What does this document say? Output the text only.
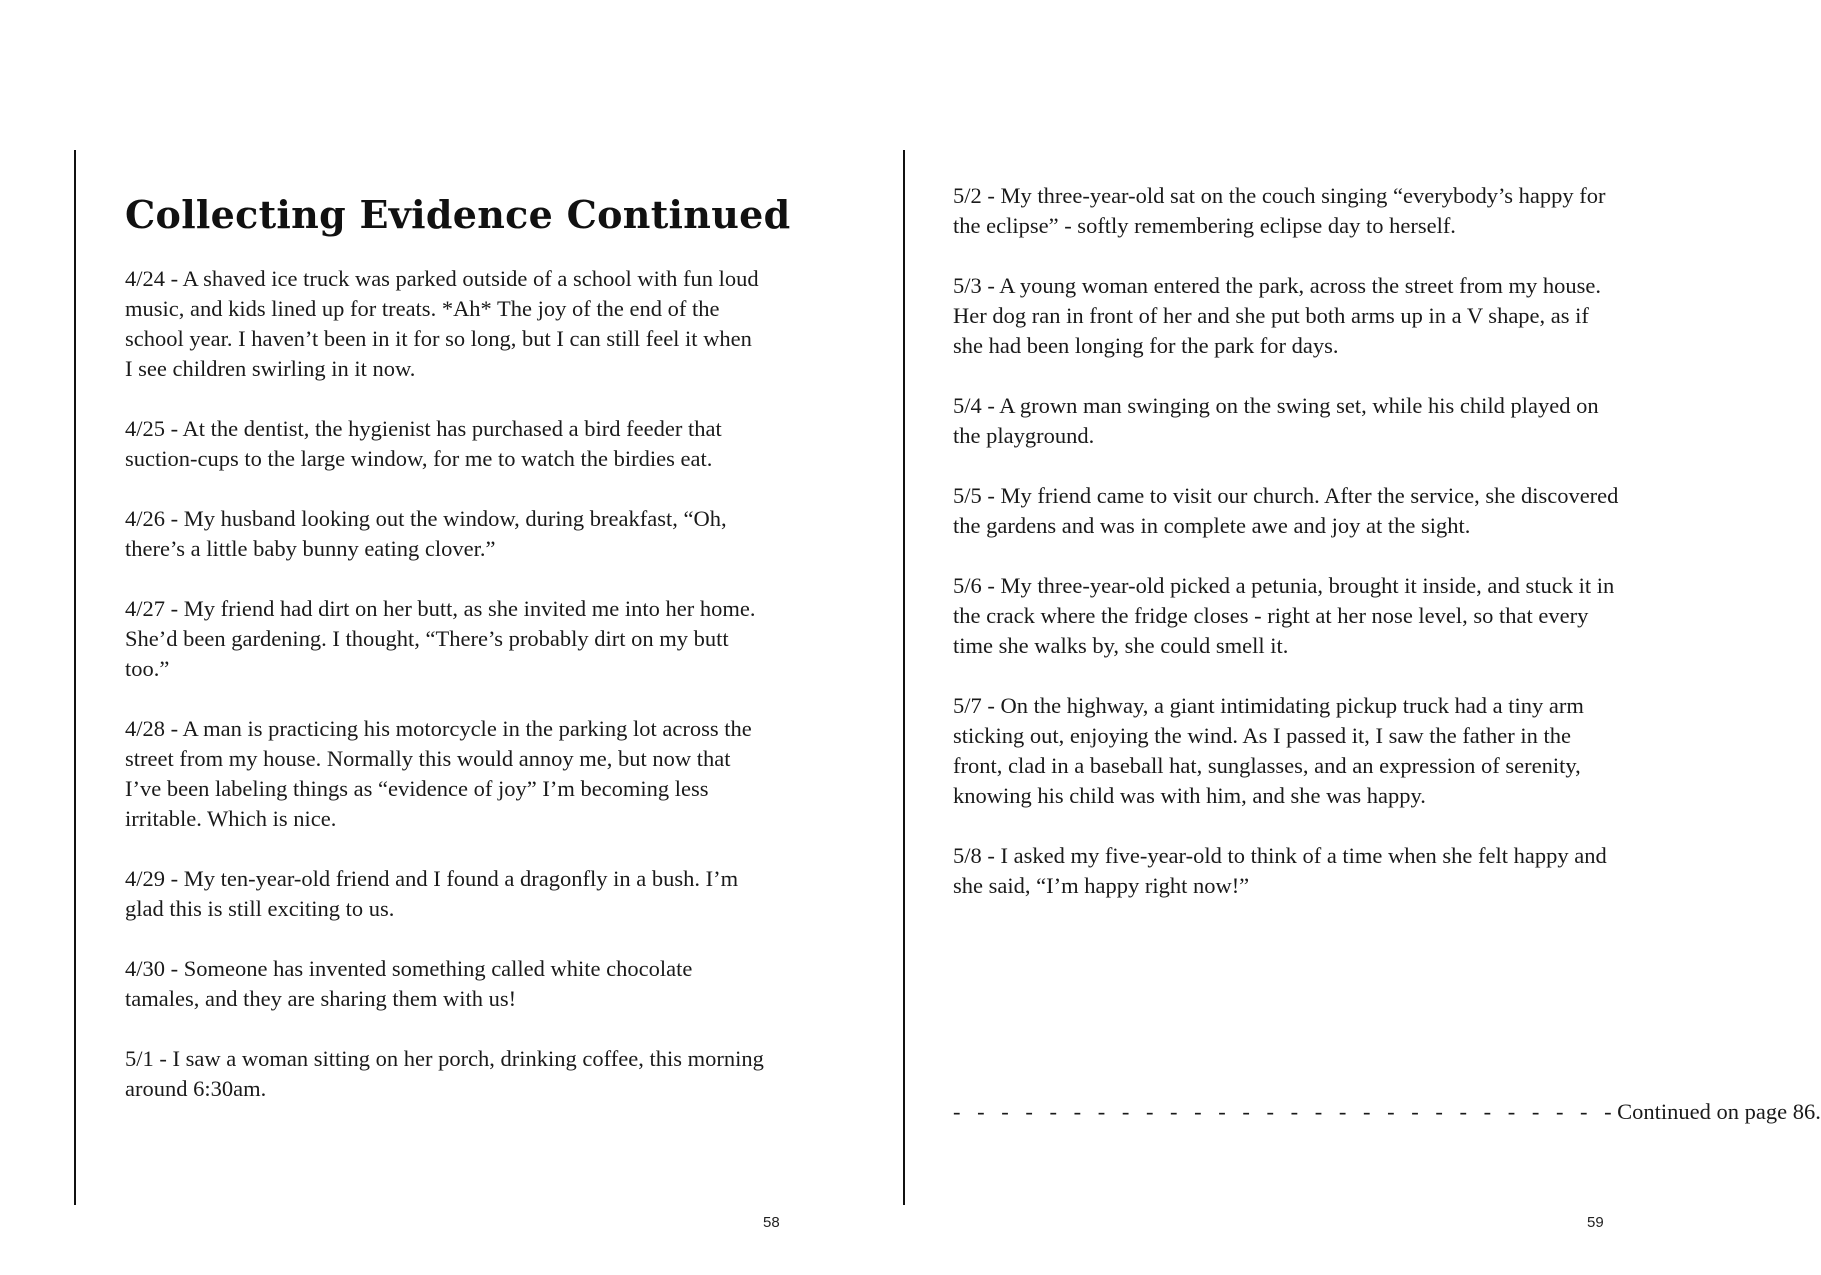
Collecting Evidence Continued
4/24 - A shaved ice truck was parked outside of a school with fun loud music, and kids lined up for treats. *Ah* The joy of the end of the school year. I haven’t been in it for so long, but I can still feel it when I see children swirling in it now.
4/25 - At the dentist, the hygienist has purchased a bird feeder that suction-cups to the large window, for me to watch the birdies eat.
4/26 - My husband looking out the window, during breakfast, “Oh, there’s a little baby bunny eating clover.”
4/27 - My friend had dirt on her butt, as she invited me into her home. She’d been gardening. I thought, “There’s probably dirt on my butt too.”
4/28 - A man is practicing his motorcycle in the parking lot across the street from my house. Normally this would annoy me, but now that I’ve been labeling things as “evidence of joy” I’m becoming less irritable. Which is nice.
4/29 - My ten-year-old friend and I found a dragonfly in a bush. I’m glad this is still exciting to us.
4/30 - Someone has invented something called white chocolate tamales, and they are sharing them with us!
5/1 - I saw a woman sitting on her porch, drinking coffee, this morning around 6:30am.
58
5/2 - My three-year-old sat on the couch singing “everybody’s happy for the eclipse” - softly remembering eclipse day to herself.
5/3 - A young woman entered the park, across the street from my house. Her dog ran in front of her and she put both arms up in a V shape, as if she had been longing for the park for days.
5/4 - A grown man swinging on the swing set, while his child played on the playground.
5/5 - My friend came to visit our church. After the service, she discovered the gardens and was in complete awe and joy at the sight.
5/6 - My three-year-old picked a petunia, brought it inside, and stuck it in the crack where the fridge closes - right at her nose level, so that every time she walks by, she could smell it.
5/7 - On the highway, a giant intimidating pickup truck had a tiny arm sticking out, enjoying the wind. As I passed it, I saw the father in the front, clad in a baseball hat, sunglasses, and an expression of serenity, knowing his child was with him, and she was happy.
5/8 - I asked my five-year-old to think of a time when she felt happy and she said, “I’m happy right now!”
- - - - - - - - - - - - - - - - - - - - - - - - - - - - Continued on page 86.
59
